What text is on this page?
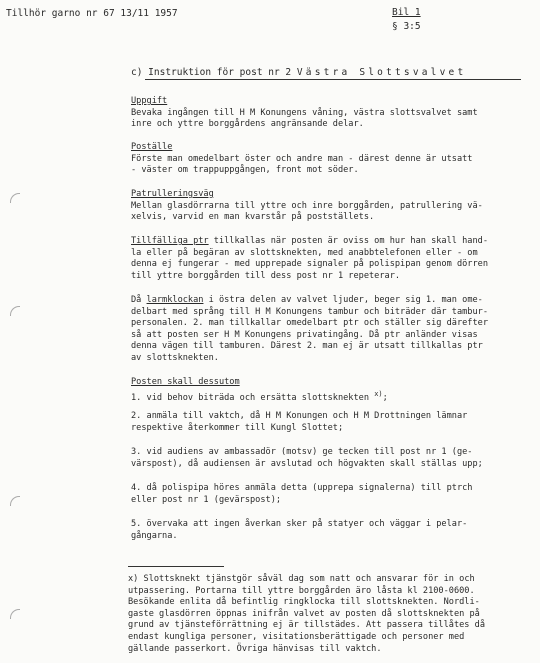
Tillhör garno nr 67 13/11 1957	Bil 1
§ 3:5
c) Instruktion för post nr 2 Västra Slottsvalvet
Uppgift
Bevaka ingången till H M Konungens våning, västra slottsvalvet samt
inre och yttre borggårdens angränsande delar.
Poställe
Förste man omedelbart öster och andre man - därest denne är utsatt
- väster om trappuppgången, front mot söder.
Patrulleringsväg
Mellan glasdörrarna till yttre och inre borggården, patrullering vä-
xelvis, varvid en man kvarstår på postställets.
Tillfälliga ptr tillkallas när posten är oviss om hur han skall hand-
la eller på begäran av slottsknekten, med anabbtelefonen eller - om
denna ej fungerar - med upprepade signaler på polispipan genom dörren
till yttre borggården till dess post nr 1 repeterar.
Då larmklockan i östra delen av valvet ljuder, beger sig 1. man ome-
delbart med språng till H M Konungens tambur och biträder där tambur-
personalen. 2. man tillkallar omedelbart ptr och ställer sig därefter
så att posten ser H M Konungens privatingång. Då ptr anländer visas
denna vägen till tamburen. Därest 2. man ej är utsatt tillkallas ptr
av slottsknekten.
Posten skall dessutom
1. vid behov biträda och ersätta slottsknekten $^{x)}$;
2. anmäla till vaktch, då H M Konungen och H M Drottningen lämnar
respektive återkommer till Kungl Slottet;
3. vid audiens av ambassadör (motsv) ge tecken till post nr 1 (ge-
värspost), då audiensen är avslutad och högvakten skall ställas upp;
4. då polispipa höres anmäla detta (upprepa signalerna) till ptrch
eller post nr 1 (gevärspost);
5. övervaka att ingen åverkan sker på statyer och väggar i pelar-
gångarna.
x) Slottsknekt tjänstgör såväl dag som natt och ansvarar för in och
utpassering. Portarna till yttre borggården äro låsta kl 2100-0600.
Besökande enlita då befintlig ringklocka till slottsknekten. Nordli-
gaste glasdörren öppnas inifrån valvet av posten då slottsknekten på
grund av tjänsteförrättning ej är tillstädes. Att passera tillåtes då
endast kungliga personer, visitationsberättigade och personer med
gällande passerkort. Övriga hänvisas till vaktch.
